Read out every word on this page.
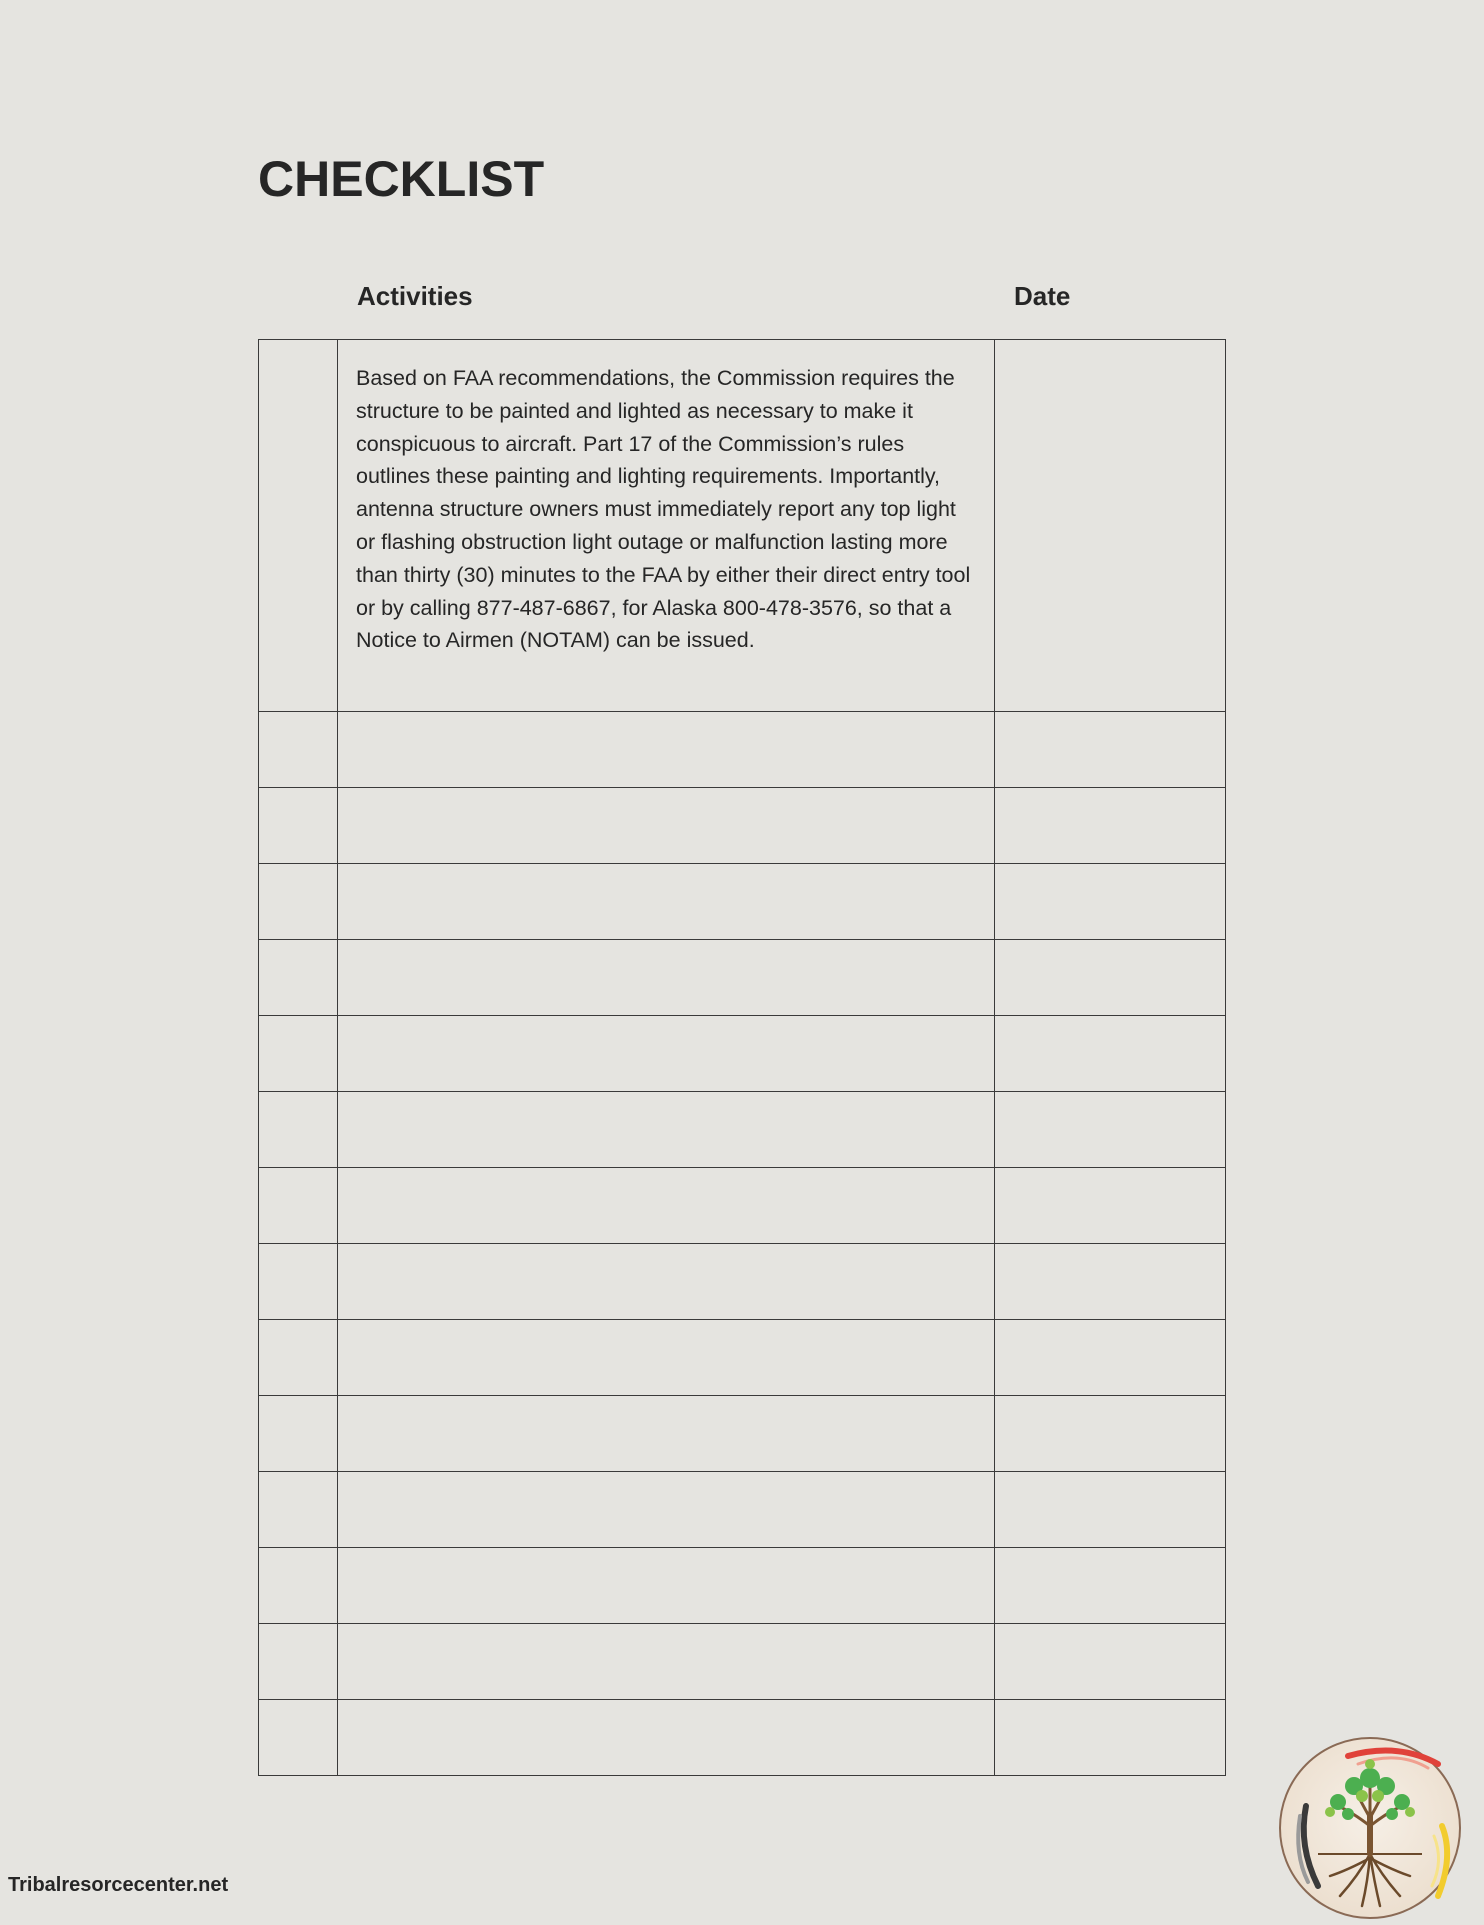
CHECKLIST
Activities	Date

	Based on FAA recommendations, the Commission requires the structure to be painted and lighted as necessary to make it conspicuous to aircraft. Part 17 of the Commission’s rules outlines these painting and lighting requirements. Importantly, antenna structure owners must immediately report any top light or flashing obstruction light outage or malfunction lasting more than thirty (30) minutes to the FAA by either their direct entry tool or by calling 877-487-6867, for Alaska 800-478-3576, so that a Notice to Airmen (NOTAM) can be issued.	

Tribalresorcecenter.net
